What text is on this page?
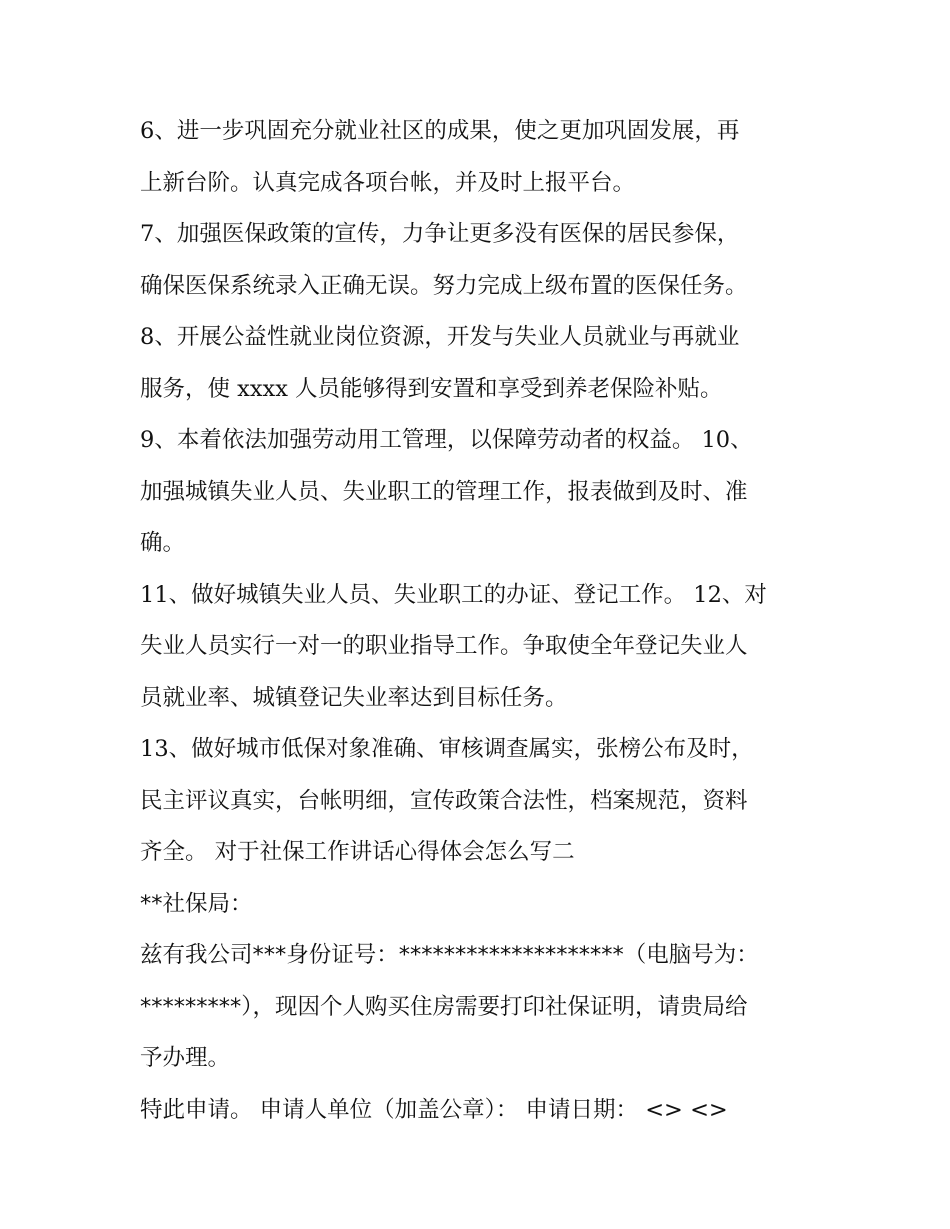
6、进一步巩固充分就业社区的成果，使之更加巩固发展，再
上新台阶。认真完成各项台帐，并及时上报平台。
7、加强医保政策的宣传，力争让更多没有医保的居民参保，
确保医保系统录入正确无误。努力完成上级布置的医保任务。
8、开展公益性就业岗位资源，开发与失业人员就业与再就业
服务，使 xxxx 人员能够得到安置和享受到养老保险补贴。
9、本着依法加强劳动用工管理，以保障劳动者的权益。 10、
加强城镇失业人员、失业职工的管理工作，报表做到及时、准
确。
11、做好城镇失业人员、失业职工的办证、登记工作。 12、对
失业人员实行一对一的职业指导工作。争取使全年登记失业人
员就业率、城镇登记失业率达到目标任务。
13、做好城市低保对象准确、审核调查属实，张榜公布及时，
民主评议真实，台帐明细，宣传政策合法性，档案规范，资料
齐全。 对于社保工作讲话心得体会怎么写二
**社保局：
兹有我公司***身份证号：********************（电脑号为：
*********），现因个人购买住房需要打印社保证明，请贵局给
予办理。
特此申请。 申请人单位（加盖公章）： 申请日期： <> <>
